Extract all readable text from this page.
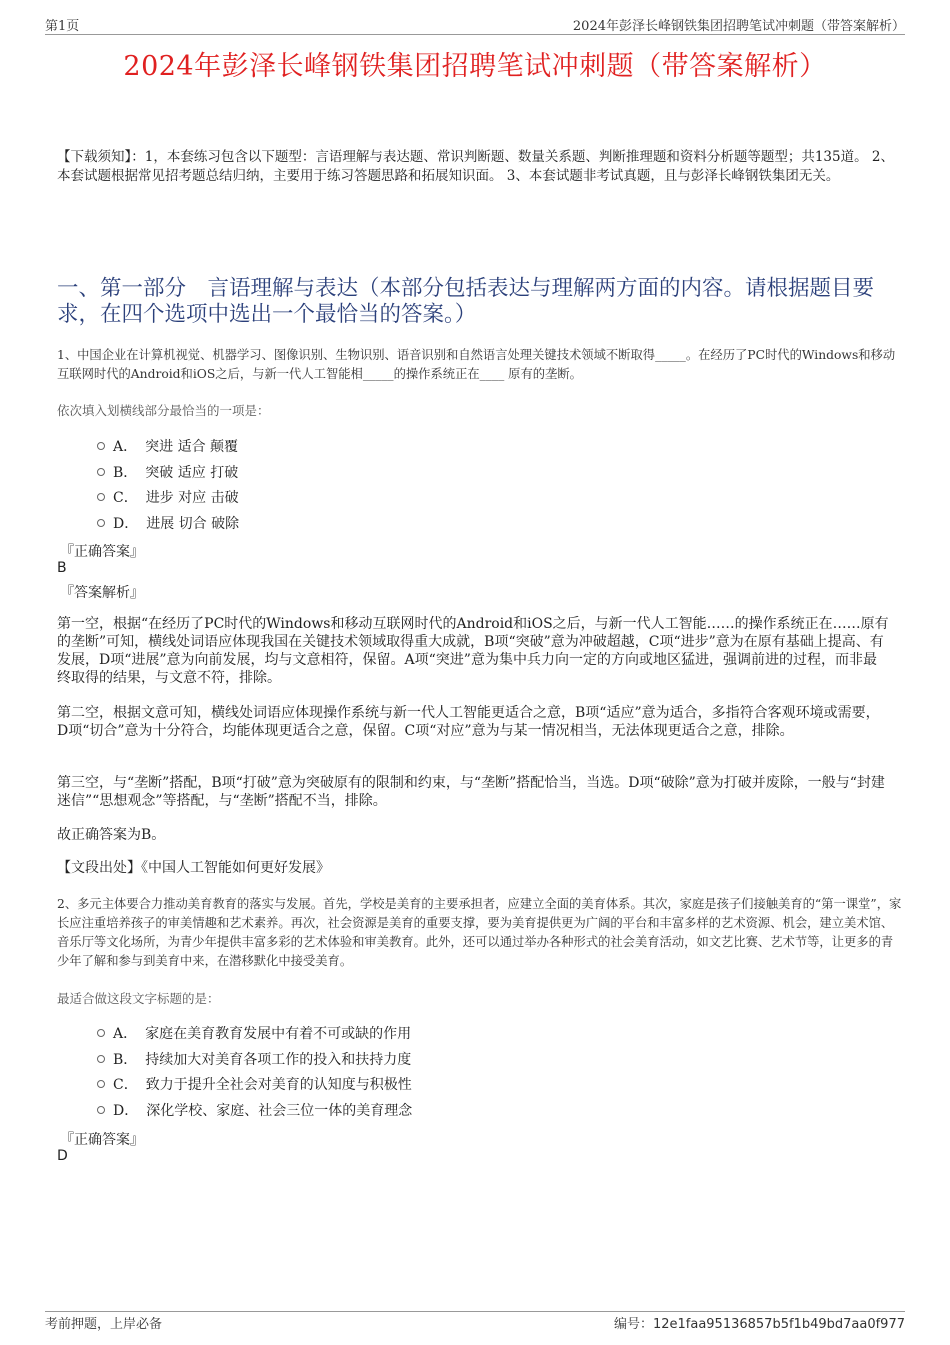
第1页	2024年彭泽长峰钢铁集团招聘笔试冲刺题（带答案解析）
2024年彭泽长峰钢铁集团招聘笔试冲刺题（带答案解析）
【下载须知】：1，本套练习包含以下题型：言语理解与表达题、常识判断题、数量关系题、判断推理题和资料分析题等题型；共135道。 2、本套试题根据常见招考题总结归纳，主要用于练习答题思路和拓展知识面。 3、本套试题非考试真题，且与彭泽长峰钢铁集团无关。
一、第一部分　言语理解与表达（本部分包括表达与理解两方面的内容。请根据题目要求，在四个选项中选出一个最恰当的答案。）
1、中国企业在计算机视觉、机器学习、图像识别、生物识别、语音识别和自然语言处理关键技术领域不断取得_____。在经历了PC时代的Windows和移动互联网时代的Android和iOS之后，与新一代人工智能相_____的操作系统正在____ 原有的垄断。
依次填入划横线部分最恰当的一项是：
A． 突进 适合 颠覆
B． 突破 适应 打破
C． 进步 对应 击破
D． 进展 切合 破除
『正确答案』
B
『答案解析』
第一空，根据“在经历了PC时代的Windows和移动互联网时代的Android和iOS之后，与新一代人工智能……的操作系统正在……原有的垄断”可知，横线处词语应体现我国在关键技术领域取得重大成就，B项“突破”意为冲破超越，C项“进步”意为在原有基础上提高、有发展，D项“进展”意为向前发展，均与文意相符，保留。A项“突进”意为集中兵力向一定的方向或地区猛进，强调前进的过程，而非最终取得的结果，与文意不符，排除。
第二空，根据文意可知，横线处词语应体现操作系统与新一代人工智能更适合之意，B项“适应”意为适合，多指符合客观环境或需要，D项“切合”意为十分符合，均能体现更适合之意，保留。C项“对应”意为与某一情况相当，无法体现更适合之意，排除。
第三空，与“垄断”搭配，B项“打破”意为突破原有的限制和约束，与“垄断”搭配恰当，当选。D项“破除”意为打破并废除，一般与“封建迷信”“思想观念”等搭配，与“垄断”搭配不当，排除。
故正确答案为B。
【文段出处】《中国人工智能如何更好发展》
2、多元主体要合力推动美育教育的落实与发展。首先，学校是美育的主要承担者，应建立全面的美育体系。其次，家庭是孩子们接触美育的“第一课堂”，家长应注重培养孩子的审美情趣和艺术素养。再次，社会资源是美育的重要支撑，要为美育提供更为广阔的平台和丰富多样的艺术资源、机会，建立美术馆、音乐厅等文化场所，为青少年提供丰富多彩的艺术体验和审美教育。此外，还可以通过举办各种形式的社会美育活动，如文艺比赛、艺术节等，让更多的青少年了解和参与到美育中来，在潜移默化中接受美育。
最适合做这段文字标题的是：
A． 家庭在美育教育发展中有着不可或缺的作用
B． 持续加大对美育各项工作的投入和扶持力度
C． 致力于提升全社会对美育的认知度与积极性
D． 深化学校、家庭、社会三位一体的美育理念
『正确答案』
D
考前押题，上岸必备	编号：12e1faa95136857b5f1b49bd7aa0f977
